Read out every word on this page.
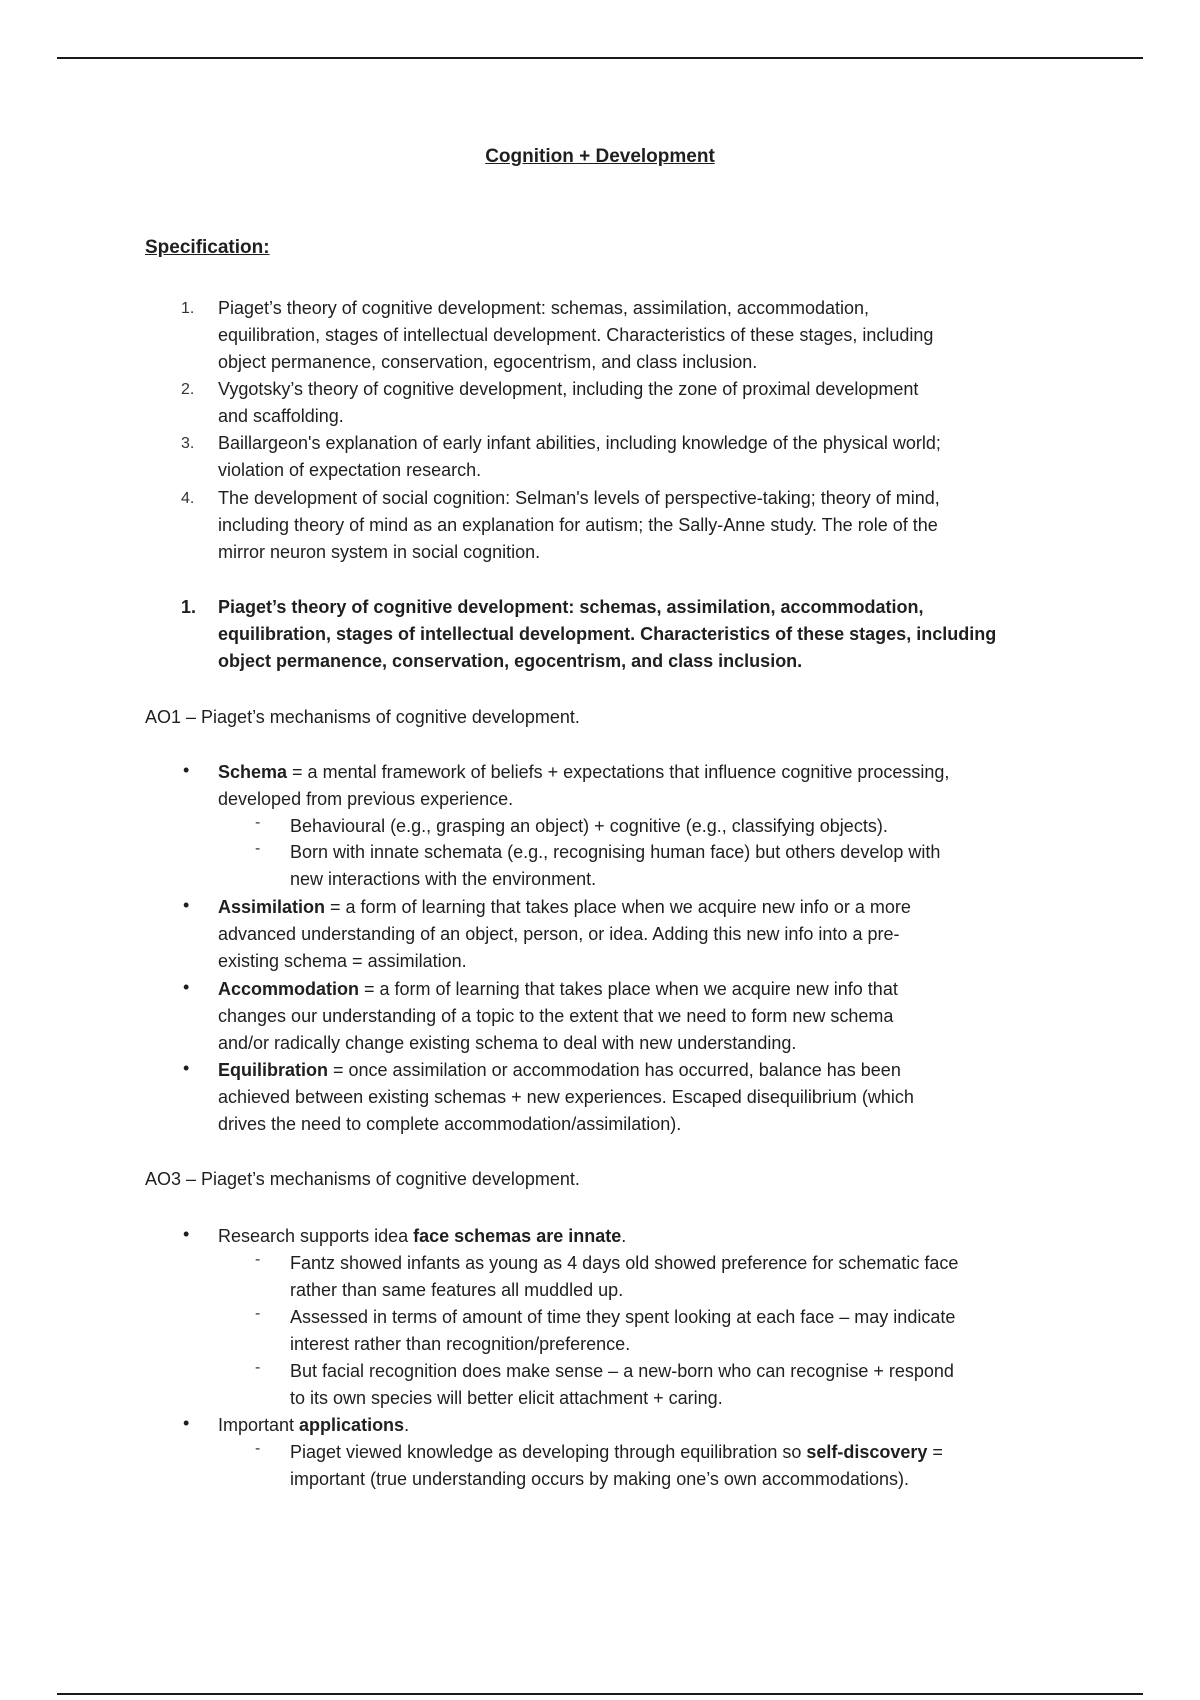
Cognition + Development
Specification:
1. Piaget’s theory of cognitive development: schemas, assimilation, accommodation,
equilibration, stages of intellectual development. Characteristics of these stages, including
object permanence, conservation, egocentrism, and class inclusion.
2. Vygotsky’s theory of cognitive development, including the zone of proximal development
and scaffolding.
3. Baillargeon's explanation of early infant abilities, including knowledge of the physical world;
violation of expectation research.
4. The development of social cognition: Selman's levels of perspective-taking; theory of mind,
including theory of mind as an explanation for autism; the Sally-Anne study. The role of the
mirror neuron system in social cognition.
1. Piaget’s theory of cognitive development: schemas, assimilation, accommodation,
equilibration, stages of intellectual development. Characteristics of these stages, including
object permanence, conservation, egocentrism, and class inclusion.
AO1 – Piaget’s mechanisms of cognitive development.
• Schema = a mental framework of beliefs + expectations that influence cognitive processing,
developed from previous experience.
- Behavioural (e.g., grasping an object) + cognitive (e.g., classifying objects).
- Born with innate schemata (e.g., recognising human face) but others develop with
new interactions with the environment.
• Assimilation = a form of learning that takes place when we acquire new info or a more
advanced understanding of an object, person, or idea. Adding this new info into a pre-
existing schema = assimilation.
• Accommodation = a form of learning that takes place when we acquire new info that
changes our understanding of a topic to the extent that we need to form new schema
and/or radically change existing schema to deal with new understanding.
• Equilibration = once assimilation or accommodation has occurred, balance has been
achieved between existing schemas + new experiences. Escaped disequilibrium (which
drives the need to complete accommodation/assimilation).
AO3 – Piaget’s mechanisms of cognitive development.
• Research supports idea face schemas are innate.
- Fantz showed infants as young as 4 days old showed preference for schematic face
rather than same features all muddled up.
- Assessed in terms of amount of time they spent looking at each face – may indicate
interest rather than recognition/preference.
- But facial recognition does make sense – a new-born who can recognise + respond
to its own species will better elicit attachment + caring.
• Important applications.
- Piaget viewed knowledge as developing through equilibration so self-discovery =
important (true understanding occurs by making one’s own accommodations).
